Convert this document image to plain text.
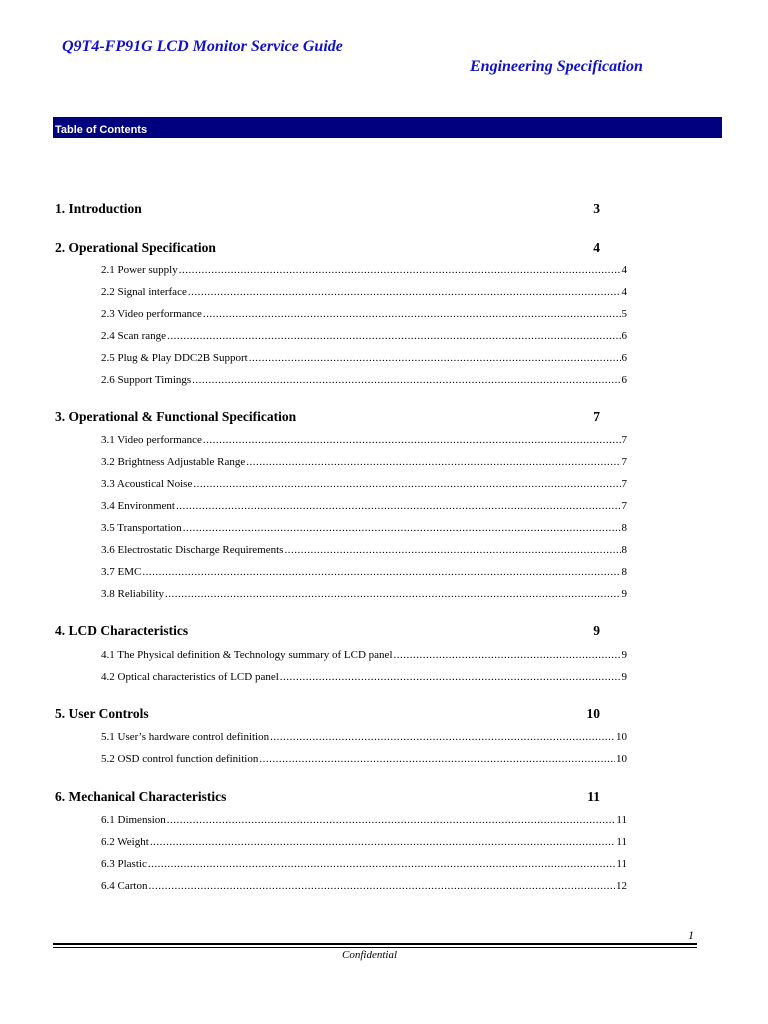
Q9T4-FP91G LCD Monitor Service Guide
Engineering Specification
Table of Contents
1. Introduction	3
2. Operational Specification	4
2.1 Power supply .....	4
2.2 Signal interface .....	4
2.3 Video performance .....	5
2.4 Scan range .....	6
2.5 Plug & Play DDC2B Support .....	6
2.6 Support Timings .....	6
3. Operational & Functional Specification	7
3.1 Video performance .....	7
3.2 Brightness Adjustable Range .....	7
3.3 Acoustical Noise .....	7
3.4 Environment .....	7
3.5 Transportation .....	8
3.6 Electrostatic Discharge Requirements .....	8
3.7 EMC .....	8
3.8 Reliability .....	9
4. LCD Characteristics	9
4.1 The Physical definition & Technology summary of LCD panel .....	9
4.2 Optical characteristics of LCD panel .....	9
5. User Controls	10
5.1 User’s hardware control definition .....	10
5.2 OSD control function definition .....	10
6. Mechanical Characteristics	11
6.1 Dimension .....	11
6.2 Weight .....	11
6.3 Plastic .....	11
6.4 Carton .....	12
1
Confidential
